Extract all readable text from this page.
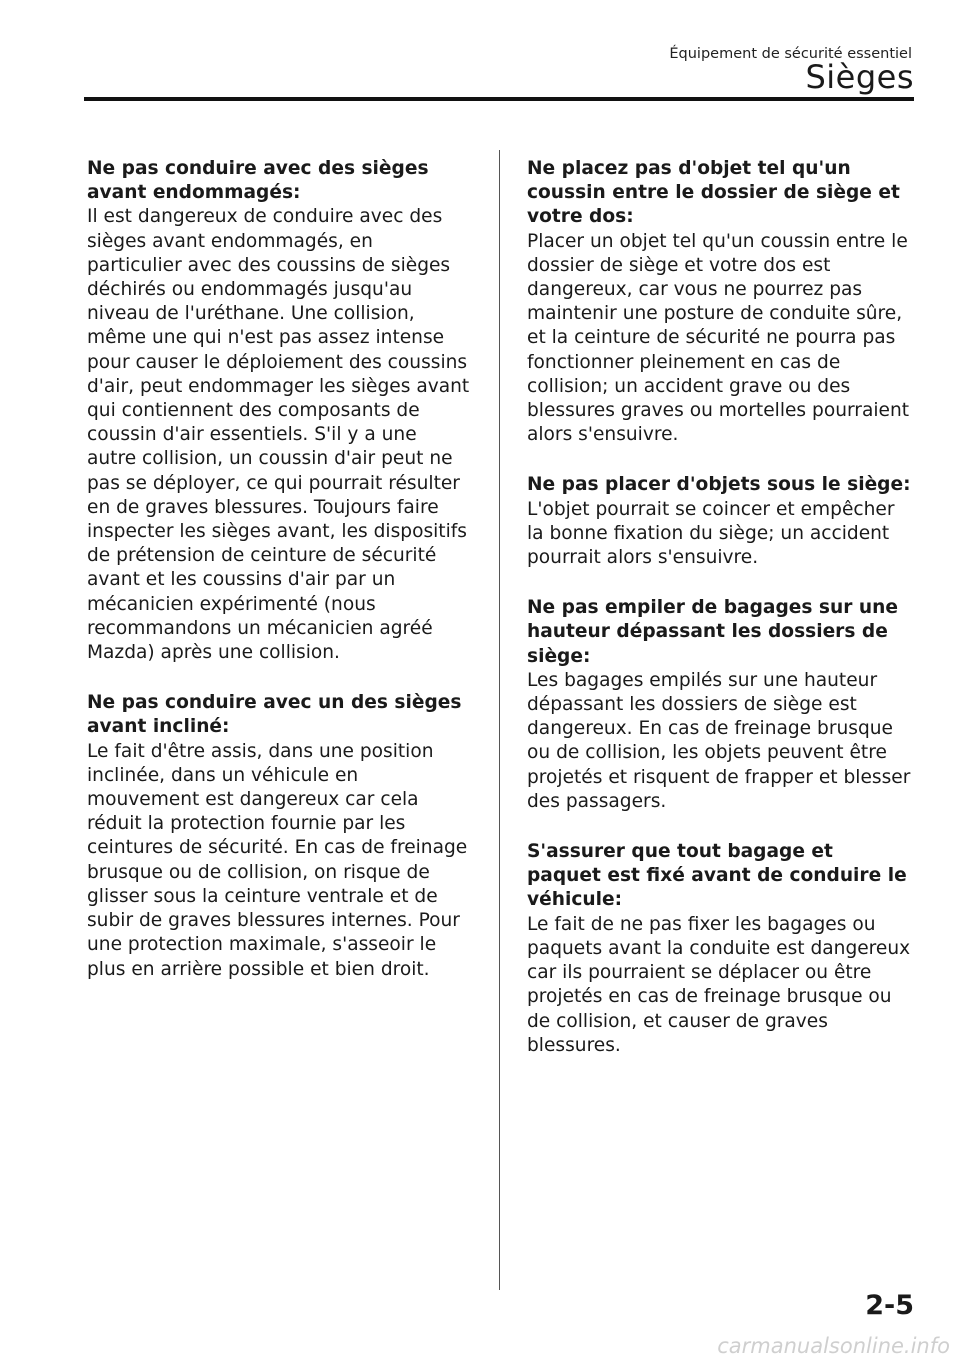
Équipement de sécurité essentiel
Sièges
Ne pas conduire avec des sièges avant endommagés:
Il est dangereux de conduire avec des sièges avant endommagés, en particulier avec des coussins de sièges déchirés ou endommagés jusqu'au niveau de l'uréthane. Une collision, même une qui n'est pas assez intense pour causer le déploiement des coussins d'air, peut endommager les sièges avant qui contiennent des composants de coussin d'air essentiels. S'il y a une autre collision, un coussin d'air peut ne pas se déployer, ce qui pourrait résulter en de graves blessures. Toujours faire inspecter les sièges avant, les dispositifs de prétension de ceinture de sécurité avant et les coussins d'air par un mécanicien expérimenté (nous recommandons un mécanicien agréé Mazda) après une collision.
Ne pas conduire avec un des sièges avant incliné:
Le fait d'être assis, dans une position inclinée, dans un véhicule en mouvement est dangereux car cela réduit la protection fournie par les ceintures de sécurité. En cas de freinage brusque ou de collision, on risque de glisser sous la ceinture ventrale et de subir de graves blessures internes. Pour une protection maximale, s'asseoir le plus en arrière possible et bien droit.
Ne placez pas d'objet tel qu'un coussin entre le dossier de siège et votre dos:
Placer un objet tel qu'un coussin entre le dossier de siège et votre dos est dangereux, car vous ne pourrez pas maintenir une posture de conduite sûre, et la ceinture de sécurité ne pourra pas fonctionner pleinement en cas de collision; un accident grave ou des blessures graves ou mortelles pourraient alors s'ensuivre.
Ne pas placer d'objets sous le siège:
L'objet pourrait se coincer et empêcher la bonne fixation du siège; un accident pourrait alors s'ensuivre.
Ne pas empiler de bagages sur une hauteur dépassant les dossiers de siège:
Les bagages empilés sur une hauteur dépassant les dossiers de siège est dangereux. En cas de freinage brusque ou de collision, les objets peuvent être projetés et risquent de frapper et blesser des passagers.
S'assurer que tout bagage et paquet est fixé avant de conduire le véhicule:
Le fait de ne pas fixer les bagages ou paquets avant la conduite est dangereux car ils pourraient se déplacer ou être projetés en cas de freinage brusque ou de collision, et causer de graves blessures.
2-5
carmanualsonline.info
